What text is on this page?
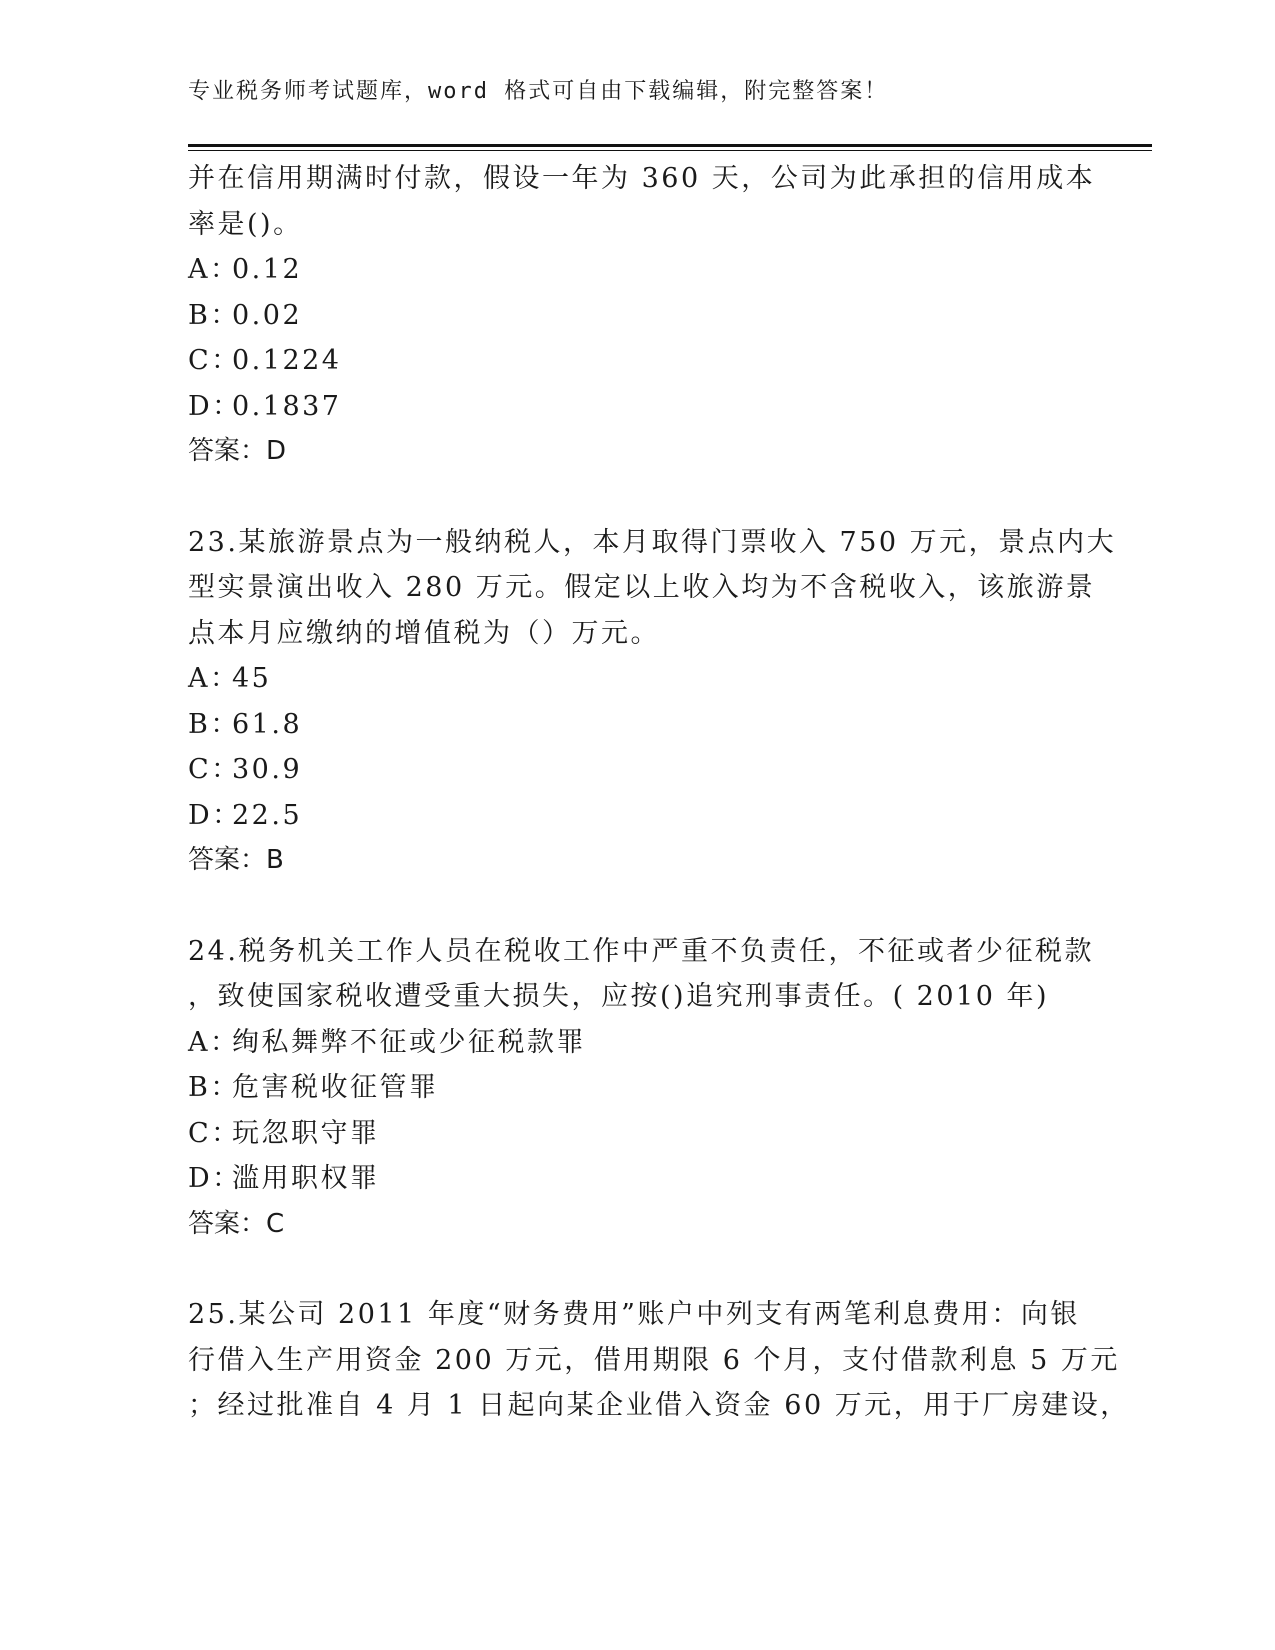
专业税务师考试题库，word 格式可自由下载编辑，附完整答案！
并在信用期满时付款，假设一年为 360 天，公司为此承担的信用成本
率是()。
A：0.12
B：0.02
C：0.1224
D：0.1837
答案：D
23.某旅游景点为一般纳税人，本月取得门票收入 750 万元，景点内大
型实景演出收入 280 万元。假定以上收入均为不含税收入，该旅游景
点本月应缴纳的增值税为（）万元。
A：45
B：61.8
C：30.9
D：22.5
答案：B
24.税务机关工作人员在税收工作中严重不负责任，不征或者少征税款
，致使国家税收遭受重大损失，应按()追究刑事责任。( 2010 年)
A：绚私舞弊不征或少征税款罪
B：危害税收征管罪
C：玩忽职守罪
D：滥用职权罪
答案：C
25.某公司 2011 年度“财务费用”账户中列支有两笔利息费用：向银
行借入生产用资金 200 万元，借用期限 6 个月，支付借款利息 5 万元
；经过批准自 4 月 1 日起向某企业借入资金 60 万元，用于厂房建设，
